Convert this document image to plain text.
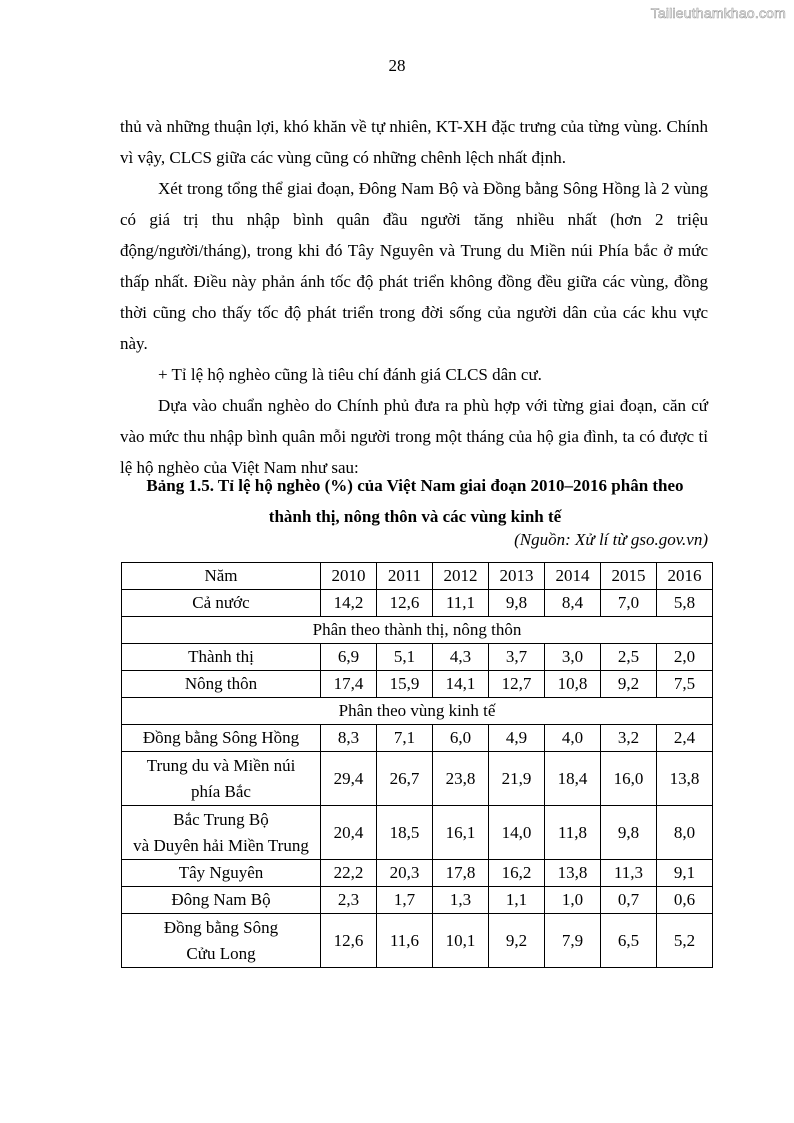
Tailieuthamkhao.com
28

thủ và những thuận lợi, khó khăn về tự nhiên, KT-XH đặc trưng của từng vùng. Chính vì vậy, CLCS giữa các vùng cũng có những chênh lệch nhất định.

Xét trong tổng thể giai đoạn, Đông Nam Bộ và Đồng bằng Sông Hồng là 2 vùng có giá trị thu nhập bình quân đầu người tăng nhiều nhất (hơn 2 triệu động/người/tháng), trong khi đó Tây Nguyên và Trung du Miền núi Phía bắc ở mức thấp nhất. Điều này phản ánh tốc độ phát triển không đồng đều giữa các vùng, đồng thời cũng cho thấy tốc độ phát triển trong đời sống của người dân của các khu vực này.

+ Tỉ lệ hộ nghèo cũng là tiêu chí đánh giá CLCS dân cư.

Dựa vào chuẩn nghèo do Chính phủ đưa ra phù hợp với từng giai đoạn, căn cứ vào mức thu nhập bình quân mỗi người trong một tháng của hộ gia đình, ta có được tỉ lệ hộ nghèo của Việt Nam như sau:

Bảng 1.5. Tỉ lệ hộ nghèo (%) của Việt Nam giai đoạn 2010–2016 phân theo
thành thị, nông thôn và các vùng kinh tế
(Nguồn: Xử lí từ gso.gov.vn)
Năm	2010	2011	2012	2013	2014	2015	2016

Cả nước	14,2	12,6	11,1	9,8	8,4	7,0	5,8
Phân theo thành thị, nông thôn							

Thành thị	6,9	5,1	4,3	3,7	3,0	2,5	2,0

Nông thôn	17,4	15,9	14,1	12,7	10,8	9,2	7,5
Phân theo vùng kinh tế							

Đồng bằng Sông Hồng	8,3	7,1	6,0	4,9	4,0	3,2	2,4

Trung du và Miền núi
phía Bắc	29,4	26,7	23,8	21,9	18,4	16,0	13,8

Bắc Trung Bộ
và Duyên hải Miền Trung	20,4	18,5	16,1	14,0	11,8	9,8	8,0

Tây Nguyên	22,2	20,3	17,8	16,2	13,8	11,3	9,1

Đông Nam Bộ	2,3	1,7	1,3	1,1	1,0	0,7	0,6

Đồng bằng Sông
Cửu Long	12,6	11,6	10,1	9,2	7,9	6,5	5,2
